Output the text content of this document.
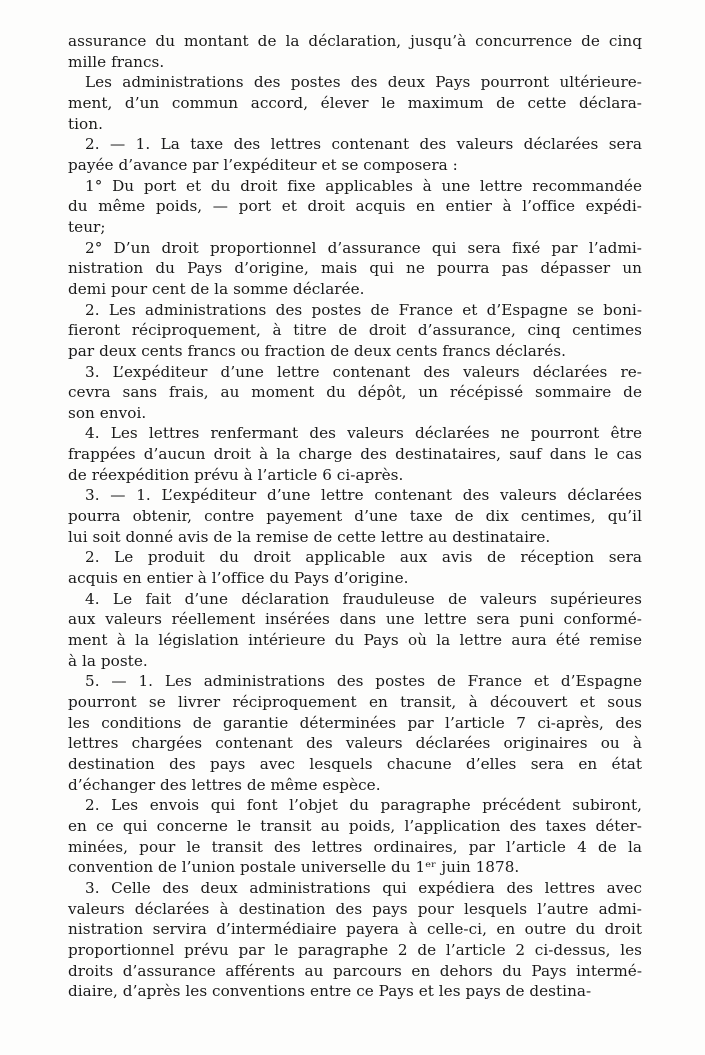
assurance du montant de la déclaration, jusqu’à concurrence de cinq
mille francs.
Les administrations des postes des deux Pays pourront ultérieure-
ment, d’un commun accord, élever le maximum de cette déclara-
tion.
2. — 1. La taxe des lettres contenant des valeurs déclarées sera
payée d’avance par l’expéditeur et se composera :
1° Du port et du droit fixe applicables à une lettre recommandée
du même poids, — port et droit acquis en entier à l’office expédi-
teur;
2° D’un droit proportionnel d’assurance qui sera fixé par l’admi-
nistration du Pays d’origine, mais qui ne pourra pas dépasser un
demi pour cent de la somme déclarée.
2. Les administrations des postes de France et d’Espagne se boni-
fieront réciproquement, à titre de droit d’assurance, cinq centimes
par deux cents francs ou fraction de deux cents francs déclarés.
3. L’expéditeur d’une lettre contenant des valeurs déclarées re-
cevra sans frais, au moment du dépôt, un récépissé sommaire de
son envoi.
4. Les lettres renfermant des valeurs déclarées ne pourront être
frappées d’aucun droit à la charge des destinataires, sauf dans le cas
de réexpédition prévu à l’article 6 ci-après.
3. — 1. L’expéditeur d’une lettre contenant des valeurs déclarées
pourra obtenir, contre payement d’une taxe de dix centimes, qu’il
lui soit donné avis de la remise de cette lettre au destinataire.
2. Le produit du droit applicable aux avis de réception sera
acquis en entier à l’office du Pays d’origine.
4. Le fait d’une déclaration frauduleuse de valeurs supérieures
aux valeurs réellement insérées dans une lettre sera puni conformé-
ment à la législation intérieure du Pays où la lettre aura été remise
à la poste.
5. — 1. Les administrations des postes de France et d’Espagne
pourront se livrer réciproquement en transit, à découvert et sous
les conditions de garantie déterminées par l’article 7 ci-après, des
lettres chargées contenant des valeurs déclarées originaires ou à
destination des pays avec lesquels chacune d’elles sera en état
d’échanger des lettres de même espèce.
2. Les envois qui font l’objet du paragraphe précédent subiront,
en ce qui concerne le transit au poids, l’application des taxes déter-
minées, pour le transit des lettres ordinaires, par l’article 4 de la
convention de l’union postale universelle du 1ᵉʳ juin 1878.
3. Celle des deux administrations qui expédiera des lettres avec
valeurs déclarées à destination des pays pour lesquels l’autre admi-
nistration servira d’intermédiaire payera à celle-ci, en outre du droit
proportionnel prévu par le paragraphe 2 de l’article 2 ci-dessus, les
droits d’assurance afférents au parcours en dehors du Pays intermé-
diaire, d’après les conventions entre ce Pays et les pays de destina-
